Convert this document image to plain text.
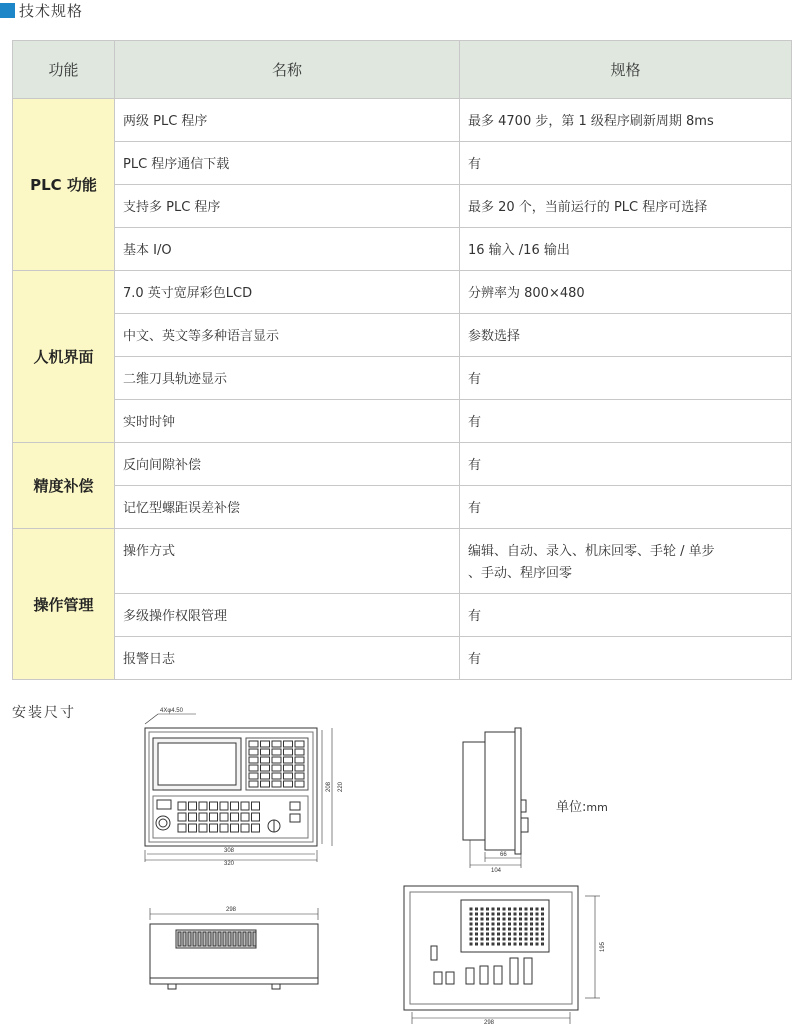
技术规格
功能	名称	规格
PLC 功能	两级 PLC 程序	最多 4700 步，第 1 级程序刷新周期 8ms
	PLC 程序通信下载	有
	支持多 PLC 程序	最多 20 个，当前运行的 PLC 程序可选择
	基本 I/O	16 输入 /16 输出
人机界面	7.0 英寸宽屏彩色LCD	分辨率为 800×480
	中文、英文等多种语言显示	参数选择
	二维刀具轨迹显示	有
	实时时钟	有
精度补偿	反向间隙补偿	有
	记忆型螺距误差补偿	有
操作管理	操作方式	编辑、自动、录入、机床回零、手轮 / 单步
、手动、程序回零

	多级操作权限管理	有
	报警日志	有
安装尺寸
单位:mm
4Xφ4.50
308
320
208 220
66
104
298
195
298
